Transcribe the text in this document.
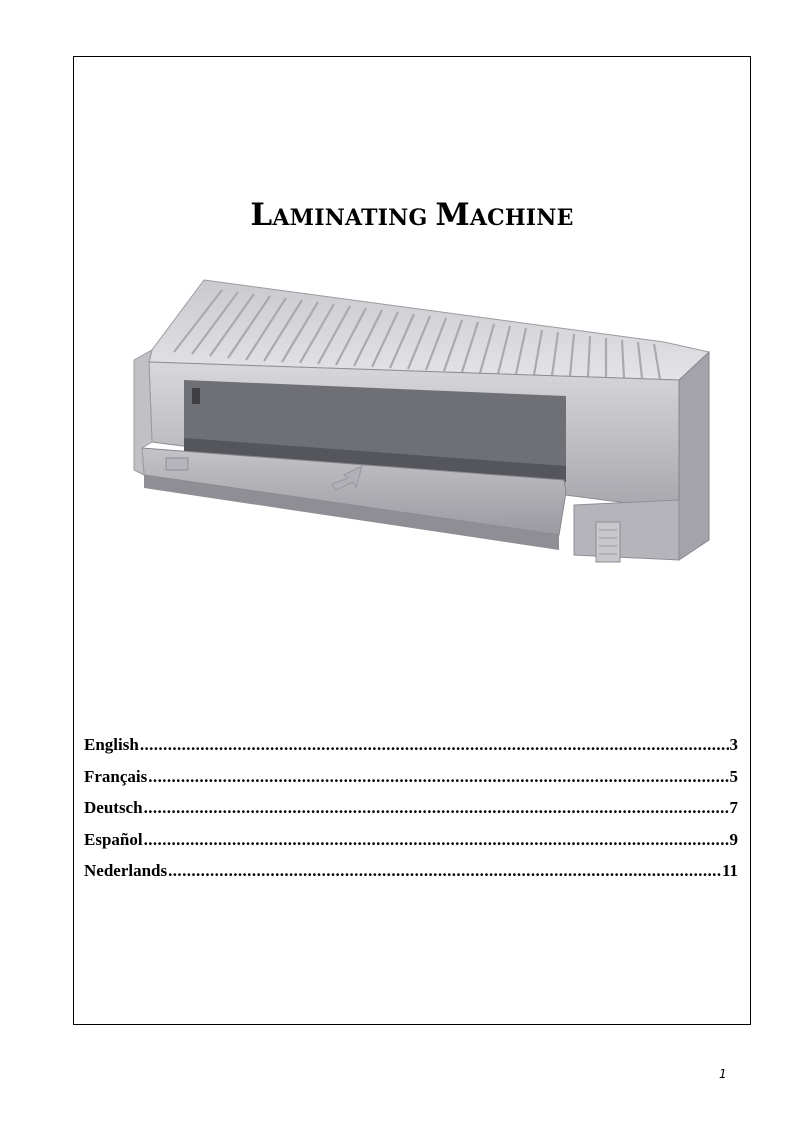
LAMINATING MACHINE
English .....	3
Français .....	5
Deutsch .....	7
Español .....	9
Nederlands .....	11
1
